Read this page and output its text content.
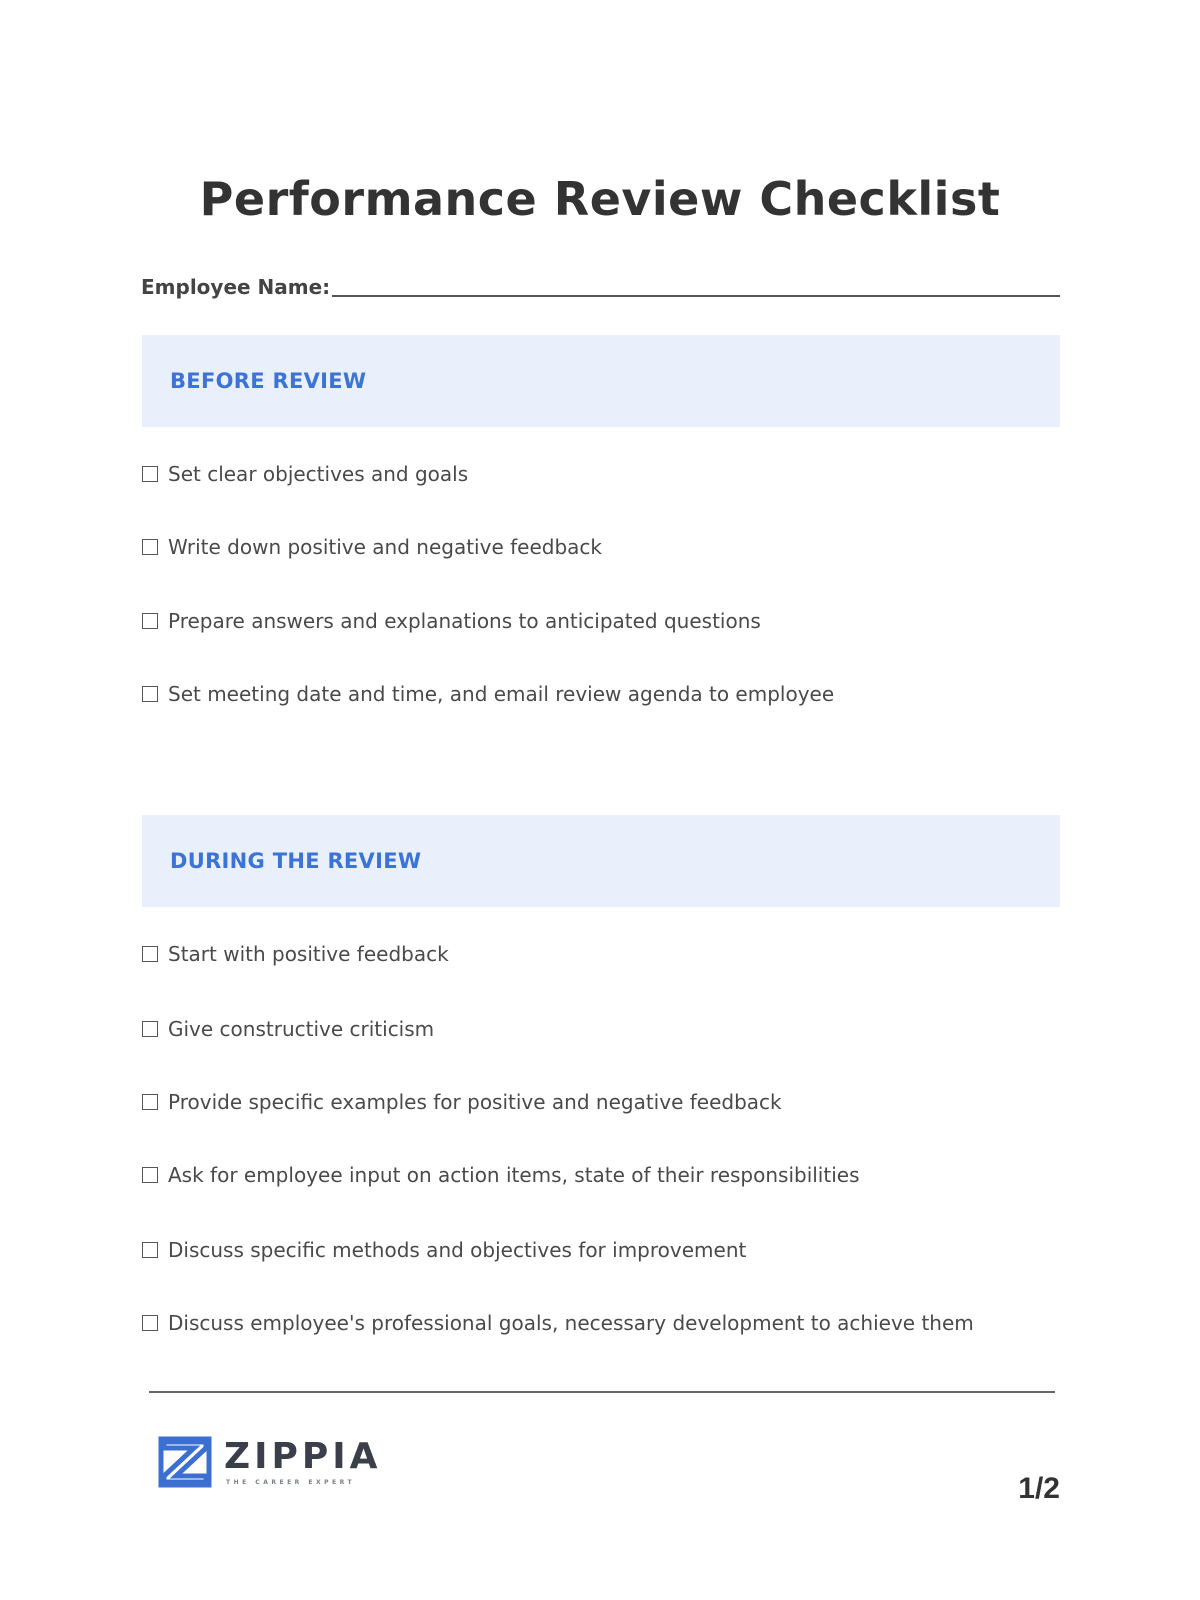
Performance Review Checklist
Employee Name:
BEFORE REVIEW
Set clear objectives and goals
Write down positive and negative feedback
Prepare answers and explanations to anticipated questions
Set meeting date and time, and email review agenda to employee
DURING THE REVIEW
Start with positive feedback
Give constructive criticism
Provide specific examples for positive and negative feedback
Ask for employee input on action items, state of their responsibilities
Discuss specific methods and objectives for improvement
Discuss employee's professional goals, necessary development to achieve them
ZIPPIA
THE CAREER EXPERT	1/2
